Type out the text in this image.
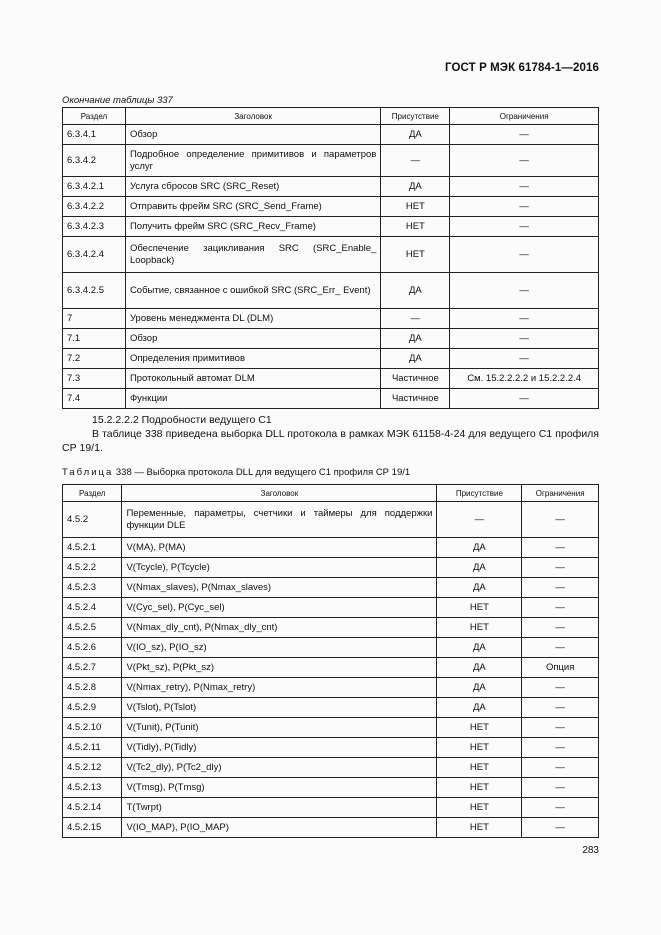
ГОСТ Р МЭК 61784-1—2016
Окончание таблицы 337
Раздел	Заголовок	Присутствие	Ограничения
6.3.4.1	Обзор	ДА	—
6.3.4.2	Подробное определение примитивов и параметров услуг	—	—
6.3.4.2.1	Услуга сбросов SRC (SRC_Reset)	ДА	—
6.3.4.2.2	Отправить фрейм SRC (SRC_Send_Frame)	НЕТ	—
6.3.4.2.3	Получить фрейм SRC (SRC_Recv_Frame)	НЕТ	—
6.3.4.2.4	Обеспечение зацикливания SRC (SRC_Enable_ Loopback)	НЕТ	—
6.3.4.2.5	Событие, связанное с ошибкой SRC (SRC_Err_ Event)	ДА	—
7	Уровень менеджмента DL (DLM)	—	—
7.1	Обзор	ДА	—
7.2	Определения примитивов	ДА	—
7.3	Протокольный автомат DLM	Частичное	См. 15.2.2.2.2 и 15.2.2.2.4
7.4	Функции	Частичное	—
15.2.2.2.2 Подробности ведущего С1
В таблице 338 приведена выборка DLL протокола в рамках МЭК 61158-4-24 для ведущего С1 профиля СР 19/1.
Таблица 338 — Выборка протокола DLL для ведущего С1 профиля СР 19/1
Раздел	Заголовок	Присутствие	Ограничения
4.5.2	Переменные, параметры, счетчики и таймеры для поддержки функции DLE	—	—
4.5.2.1	V(MA), P(MA)	ДА	—
4.5.2.2	V(Tcycle), P(Tcycle)	ДА	—
4.5.2.3	V(Nmax_slaves), P(Nmax_slaves)	ДА	—
4.5.2.4	V(Cyc_sel), P(Cyc_sel)	НЕТ	—
4.5.2.5	V(Nmax_dly_cnt), P(Nmax_dly_cnt)	НЕТ	—
4.5.2.6	V(IO_sz), P(IO_sz)	ДА	—
4.5.2.7	V(Pkt_sz), P(Pkt_sz)	ДА	Опция
4.5.2.8	V(Nmax_retry), P(Nmax_retry)	ДА	—
4.5.2.9	V(Tslot), P(Tslot)	ДА	—
4.5.2.10	V(Tunit), P(Tunit)	НЕТ	—
4.5.2.11	V(Tidly), P(Tidly)	НЕТ	—
4.5.2.12	V(Tc2_dly), P(Tc2_dly)	НЕТ	—
4.5.2.13	V(Tmsg), P(Tmsg)	НЕТ	—
4.5.2.14	T(Twrpt)	НЕТ	—
4.5.2.15	V(IO_MAP), P(IO_MAP)	НЕТ	—
283
